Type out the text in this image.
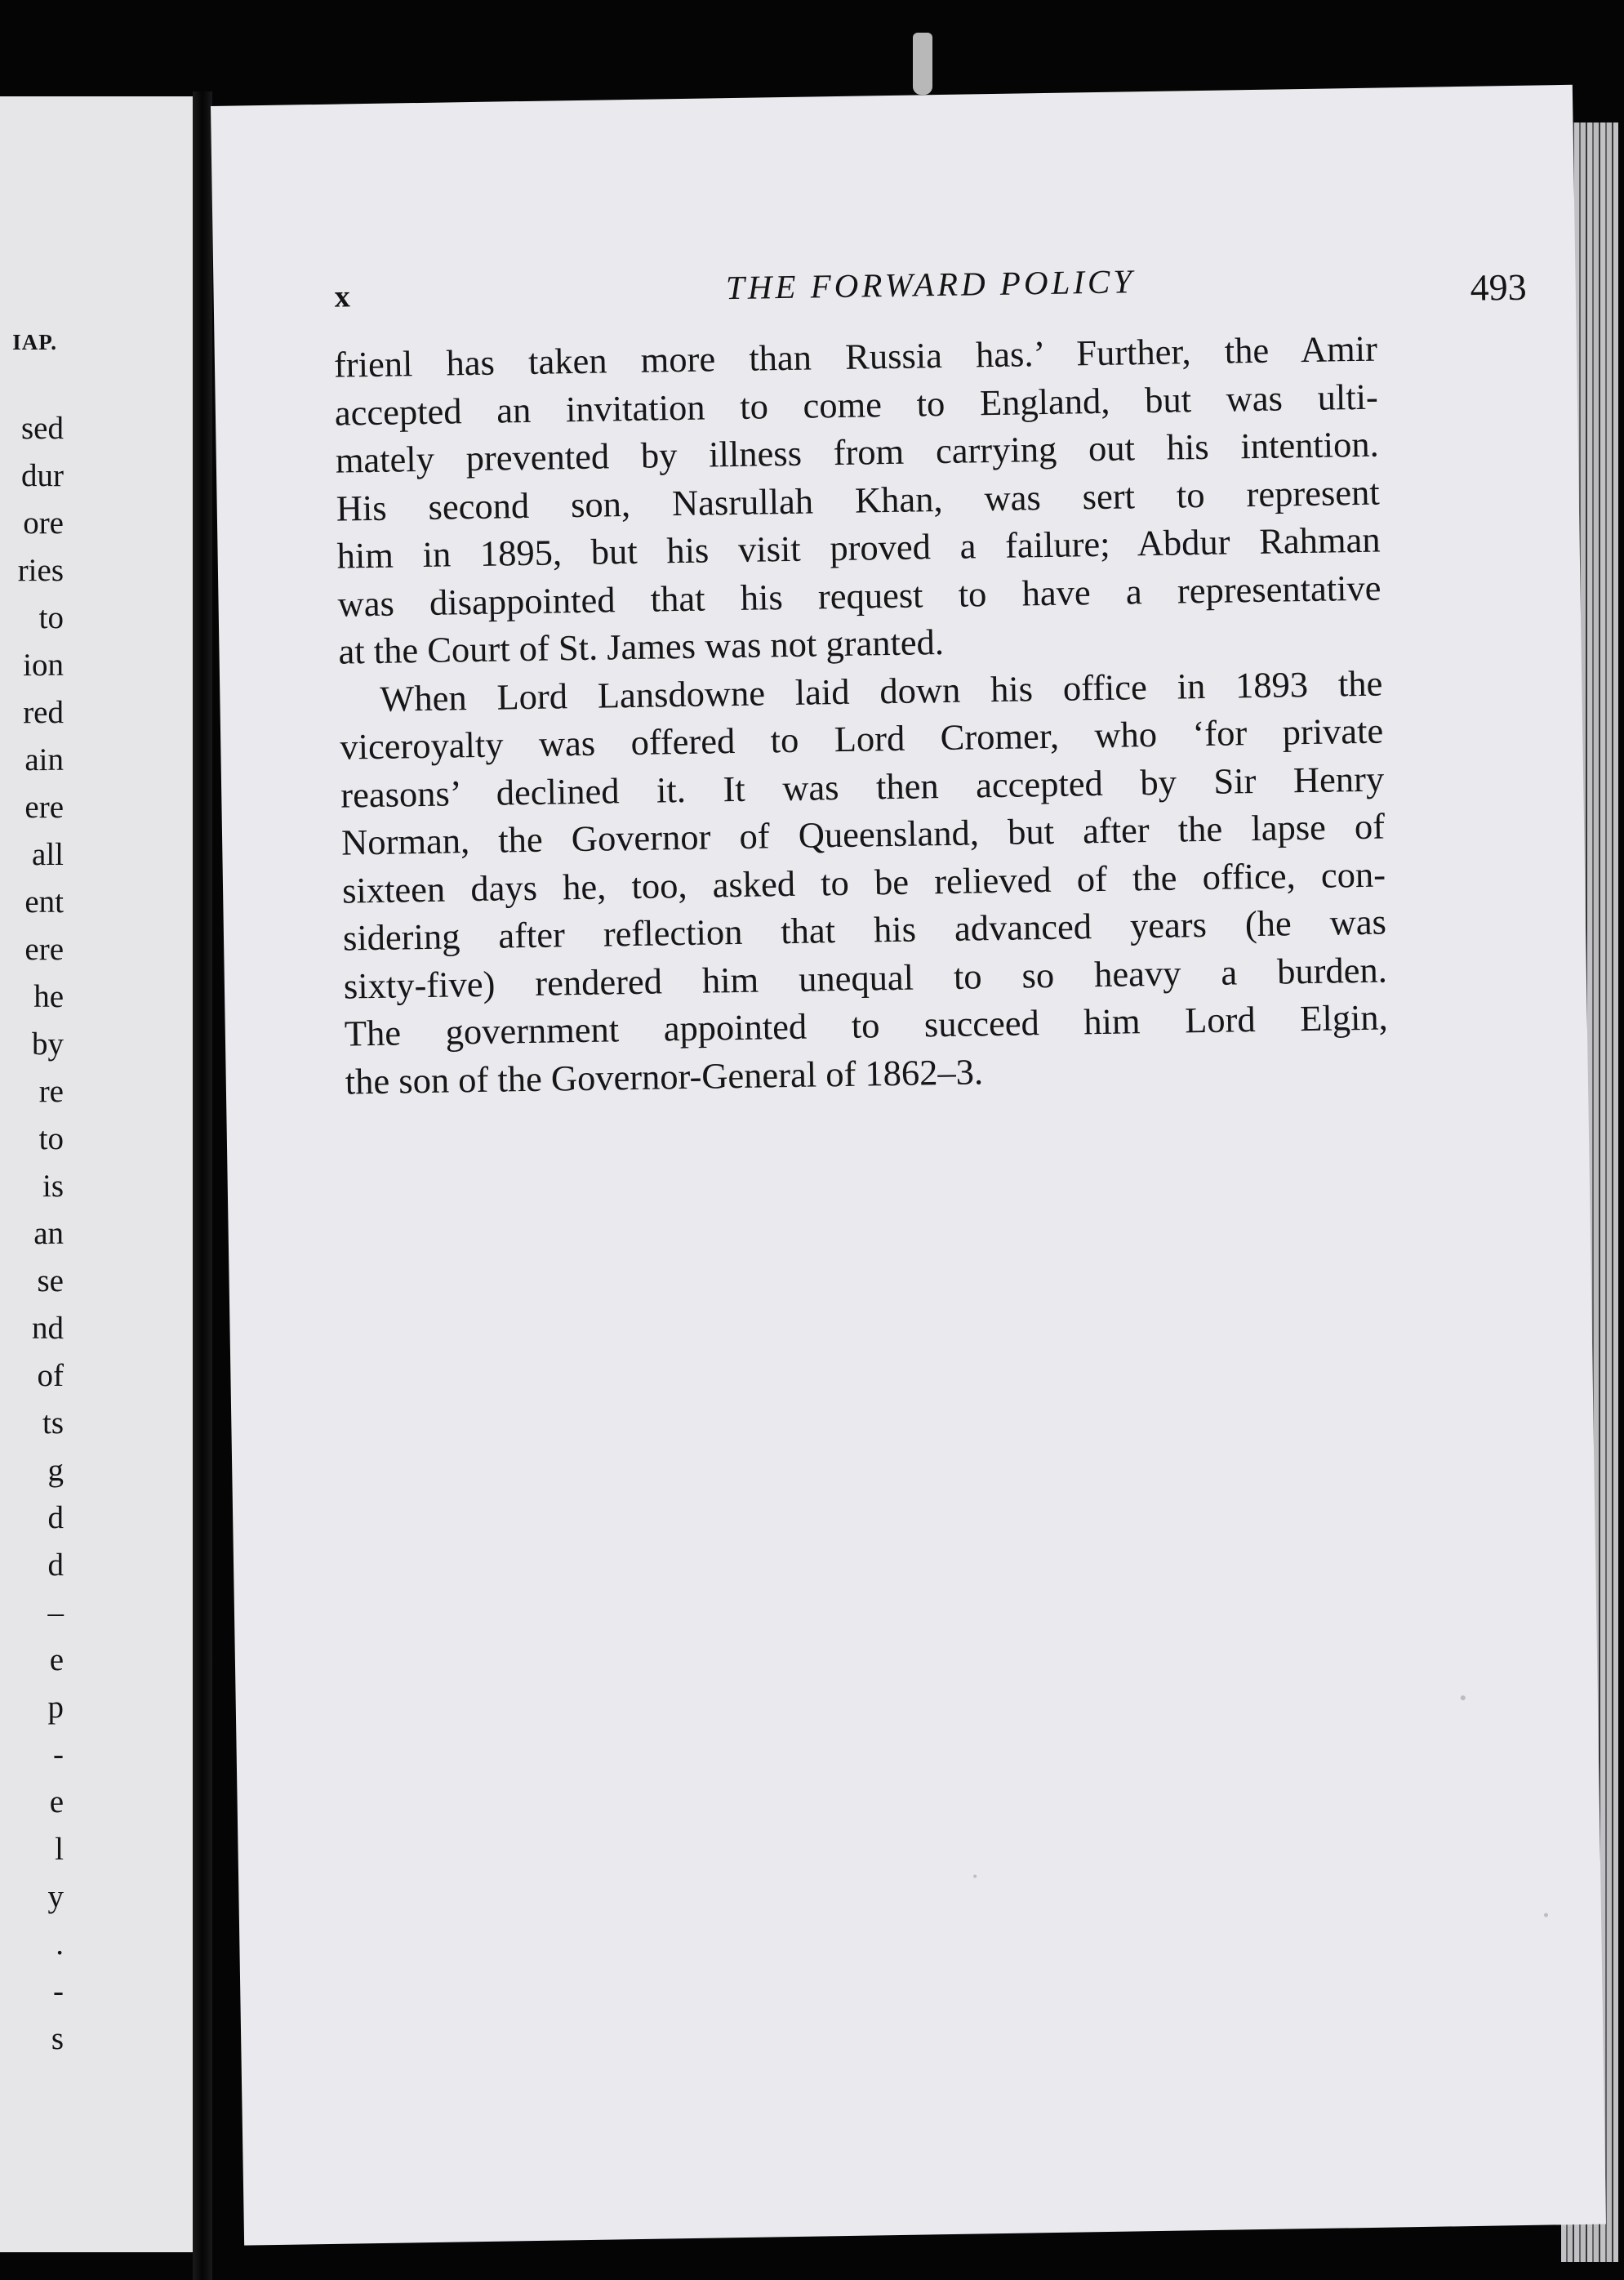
IAP.
sed
dur
ore
ries
to
ion
red
ain
ere
all
ent
ere
he
by
re
to
is
an
se
nd
of
ts
g
d
d
–
e
p
-
e
l
y
.
-
s
x	THE FORWARD POLICY	493

frienl has taken more than Russia has.’ Further, the Amir
accepted an invitation to come to England, but was ulti-
mately prevented by illness from carrying out his intention.
His second son, Nasrullah Khan, was sert to represent
him in 1895, but his visit proved a failure; Abdur Rahman
was disappointed that his request to have a representative
at the Court of St. James was not granted.

When Lord Lansdowne laid down his office in 1893 the
viceroyalty was offered to Lord Cromer, who ‘for private
reasons’ declined it. It was then accepted by Sir Henry
Norman, the Governor of Queensland, but after the lapse of
sixteen days he, too, asked to be relieved of the office, con-
sidering after reflection that his advanced years (he was
sixty-five) rendered him unequal to so heavy a burden.
The government appointed to succeed him Lord Elgin,
the son of the Governor-General of 1862–3.
